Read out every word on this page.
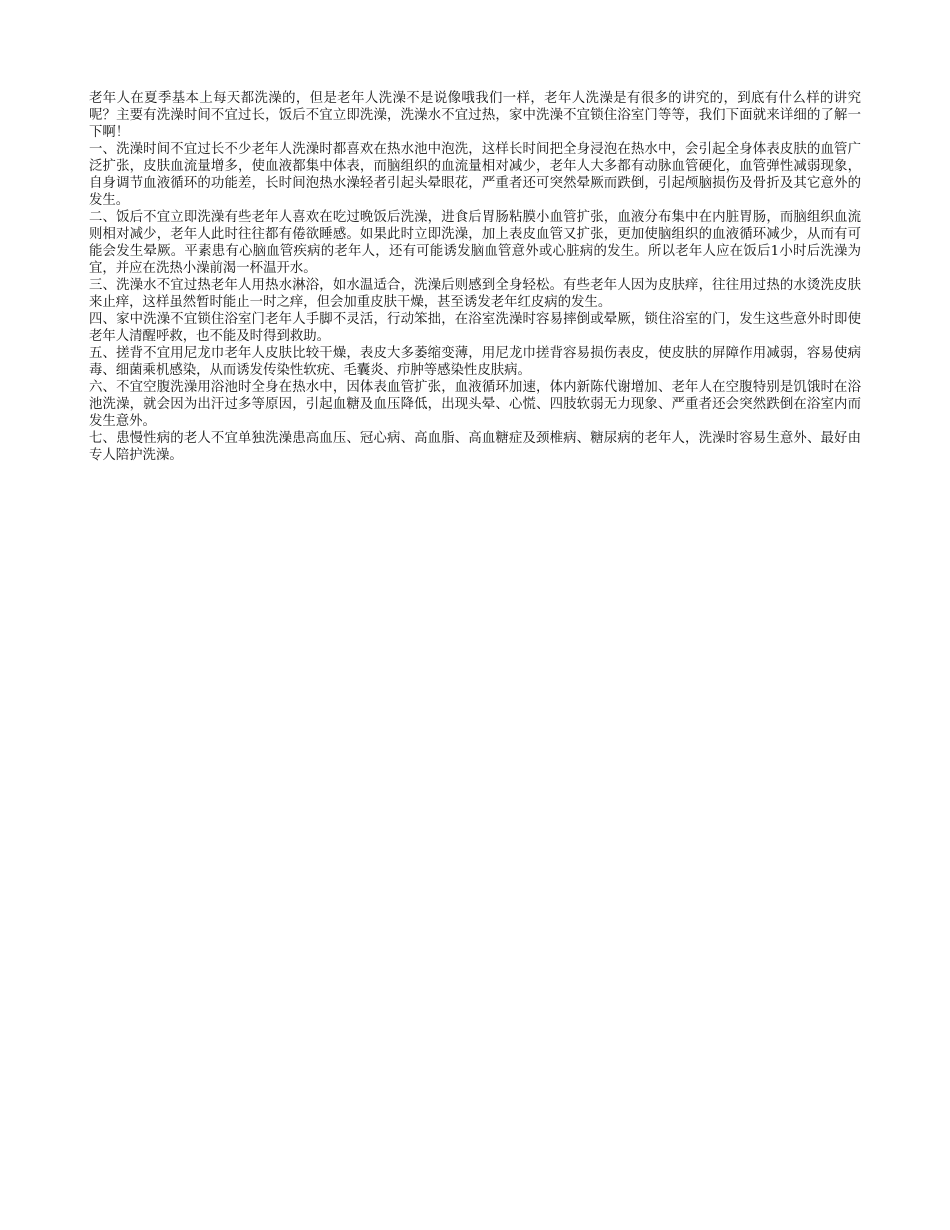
老年人在夏季基本上每天都洗澡的，但是老年人洗澡不是说像哦我们一样，老年人洗澡是有很多的讲究的，到底有什么样的讲究呢？主要有洗澡时间不宜过长，饭后不宜立即洗澡，洗澡水不宜过热，家中洗澡不宜锁住浴室门等等，我们下面就来详细的了解一下啊！

一、洗澡时间不宜过长不少老年人洗澡时都喜欢在热水池中泡洗，这样长时间把全身浸泡在热水中，会引起全身体表皮肤的血管广泛扩张，皮肤血流量增多，使血液都集中体表，而脑组织的血流量相对减少，老年人大多都有动脉血管硬化，血管弹性减弱现象，自身调节血液循环的功能差，长时间泡热水澡轻者引起头晕眼花，严重者还可突然晕厥而跌倒，引起颅脑损伤及骨折及其它意外的发生。

二、饭后不宜立即洗澡有些老年人喜欢在吃过晚饭后洗澡，进食后胃肠粘膜小血管扩张，血液分布集中在内脏胃肠，而脑组织血流则相对减少，老年人此时往往都有倦欲睡感。如果此时立即洗澡，加上表皮血管又扩张，更加使脑组织的血液循环减少，从而有可能会发生晕厥。平素患有心脑血管疾病的老年人，还有可能诱发脑血管意外或心脏病的发生。所以老年人应在饭后1小时后洗澡为宜，并应在洗热小澡前渴一杯温开水。

三、洗澡水不宜过热老年人用热水淋浴，如水温适合，洗澡后则感到全身轻松。有些老年人因为皮肤痒，往往用过热的水烫洗皮肤来止痒，这样虽然暂时能止一时之痒，但会加重皮肤干燥，甚至诱发老年红皮病的发生。

四、家中洗澡不宜锁住浴室门老年人手脚不灵活，行动笨拙，在浴室洗澡时容易摔倒或晕厥，锁住浴室的门，发生这些意外时即使老年人清醒呼救，也不能及时得到救助。

五、搓背不宜用尼龙巾老年人皮肤比较干燥，表皮大多萎缩变薄，用尼龙巾搓背容易损伤表皮，使皮肤的屏障作用减弱，容易使病毒、细菌乘机感染，从而诱发传染性软疣、毛囊炎、疖肿等感染性皮肤病。

六、不宜空腹洗澡用浴池时全身在热水中，因体表血管扩张，血液循环加速，体内新陈代谢增加、老年人在空腹特别是饥饿时在浴池洗澡，就会因为出汗过多等原因，引起血糖及血压降低，出现头晕、心慌、四肢软弱无力现象、严重者还会突然跌倒在浴室内而发生意外。

七、患慢性病的老人不宜单独洗澡患高血压、冠心病、高血脂、高血糖症及颈椎病、糖尿病的老年人，洗澡时容易生意外、最好由专人陪护洗澡。
